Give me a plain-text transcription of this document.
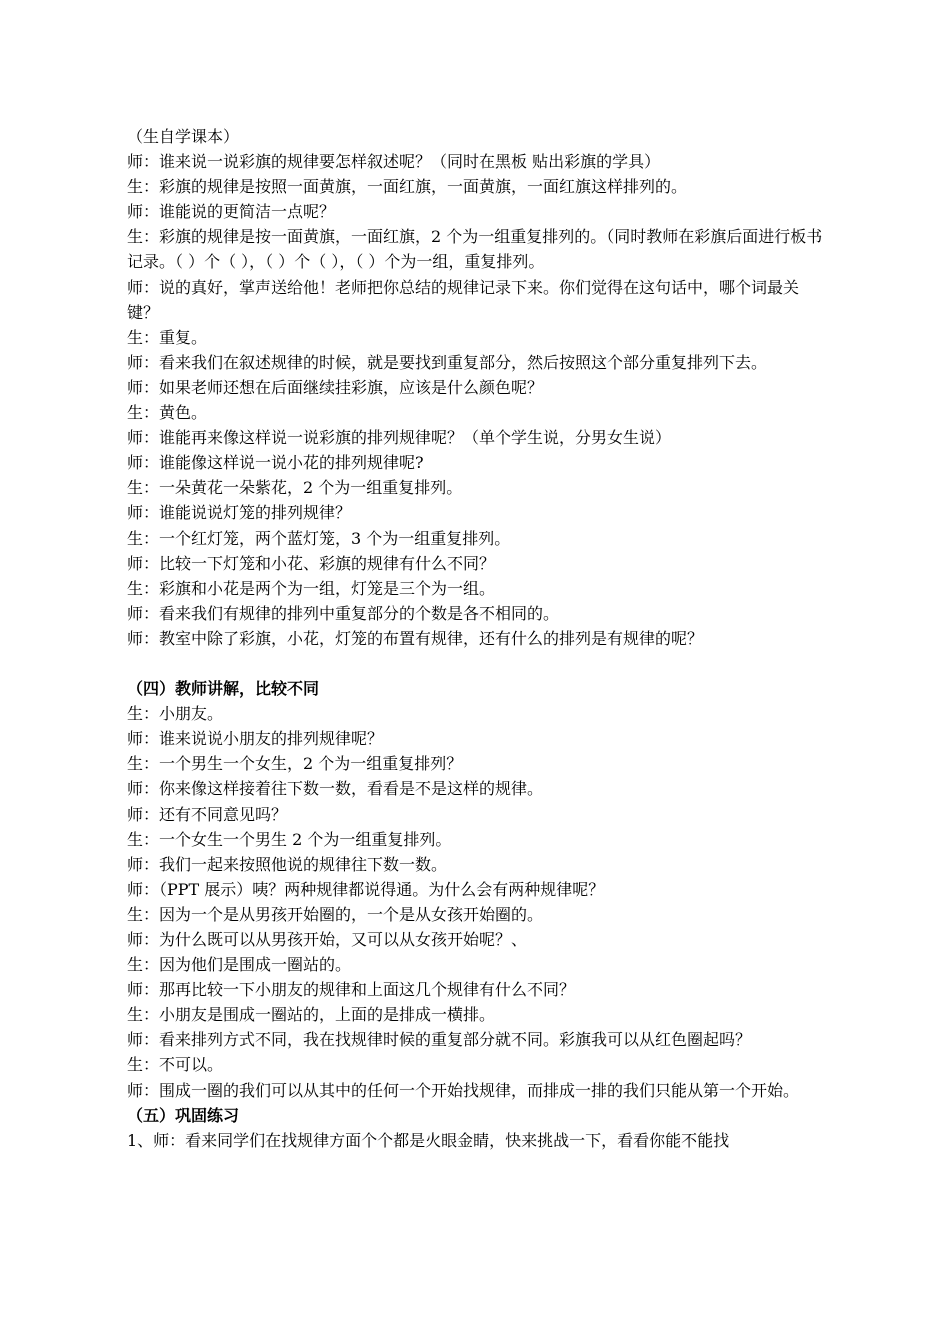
（生自学课本）

师：谁来说一说彩旗的规律要怎样叙述呢？（同时在黑板 贴出彩旗的学具）

生：彩旗的规律是按照一面黄旗，一面红旗，一面黄旗，一面红旗这样排列的。

师：谁能说的更简洁一点呢？

生：彩旗的规律是按一面黄旗，一面红旗，2 个为一组重复排列的。（同时教师在彩旗后面进行板书记录。（ ）个（ ），（ ）个（ ），（ ）个为一组，重复排列。

师：说的真好，掌声送给他！老师把你总结的规律记录下来。你们觉得在这句话中，哪个词最关键？

生：重复。

师：看来我们在叙述规律的时候，就是要找到重复部分，然后按照这个部分重复排列下去。

师：如果老师还想在后面继续挂彩旗，应该是什么颜色呢？

生：黄色。

师：谁能再来像这样说一说彩旗的排列规律呢？（单个学生说，分男女生说）

师：谁能像这样说一说小花的排列规律呢?

生：一朵黄花一朵紫花，2 个为一组重复排列。

师：谁能说说灯笼的排列规律？

生：一个红灯笼，两个蓝灯笼，3 个为一组重复排列。

师：比较一下灯笼和小花、彩旗的规律有什么不同？

生：彩旗和小花是两个为一组，灯笼是三个为一组。

师：看来我们有规律的排列中重复部分的个数是各不相同的。

师：教室中除了彩旗，小花，灯笼的布置有规律，还有什么的排列是有规律的呢？

（四）教师讲解，比较不同

生：小朋友。

师：谁来说说小朋友的排列规律呢？

生：一个男生一个女生，2 个为一组重复排列？

师：你来像这样接着往下数一数，看看是不是这样的规律。

师：还有不同意见吗？

生：一个女生一个男生 2 个为一组重复排列。

师：我们一起来按照他说的规律往下数一数。

师：（PPT 展示）咦？两种规律都说得通。为什么会有两种规律呢？

生：因为一个是从男孩开始圈的，一个是从女孩开始圈的。

师：为什么既可以从男孩开始，又可以从女孩开始呢？、

生：因为他们是围成一圈站的。

师：那再比较一下小朋友的规律和上面这几个规律有什么不同？

生：小朋友是围成一圈站的，上面的是排成一横排。

师：看来排列方式不同，我在找规律时候的重复部分就不同。彩旗我可以从红色圈起吗？

生：不可以。

师：围成一圈的我们可以从其中的任何一个开始找规律，而排成一排的我们只能从第一个开始。

（五）巩固练习

1、师：看来同学们在找规律方面个个都是火眼金睛，快来挑战一下，看看你能不能找
